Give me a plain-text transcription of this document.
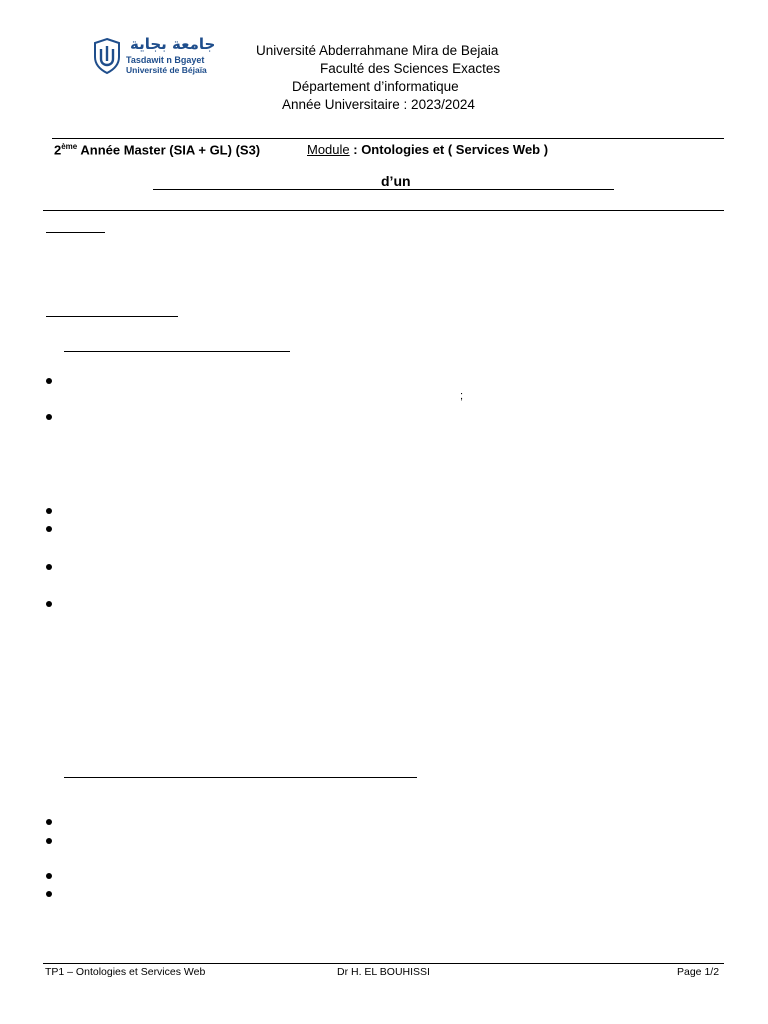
جامعة بجاية
Tasdawit n Bgayet
Université de Béjaïa
Université Abderrahmane Mira de Bejaia
Faculté des Sciences Exactes
Département d’informatique
Année Universitaire : 2023/2024
2ème Année Master (SIA + GL) (S3)	Module : Ontologies et ( Services Web )
d’un
;
TP1 – Ontologies et Services Web	Dr H. EL BOUHISSI	Page 1/2
